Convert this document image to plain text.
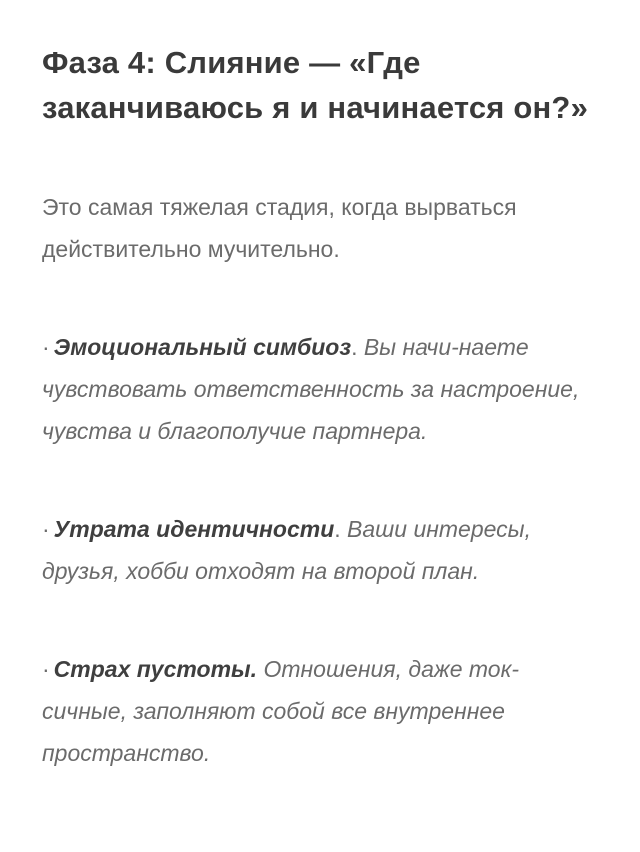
Фаза 4: Слияние — «Где заканчиваюсь я и начинается он?»

Это самая тяжелая стадия, когда вырваться действительно мучительно.

· Эмоциональный симбиоз. Вы начи-наете чувствовать ответственность за настроение, чувства и благополучие партнера.

· Утрата идентичности. Ваши интересы, друзья, хобби отходят на второй план.

· Страх пустоты. Отношения, даже ток-сичные, заполняют собой все внутреннее пространство.
